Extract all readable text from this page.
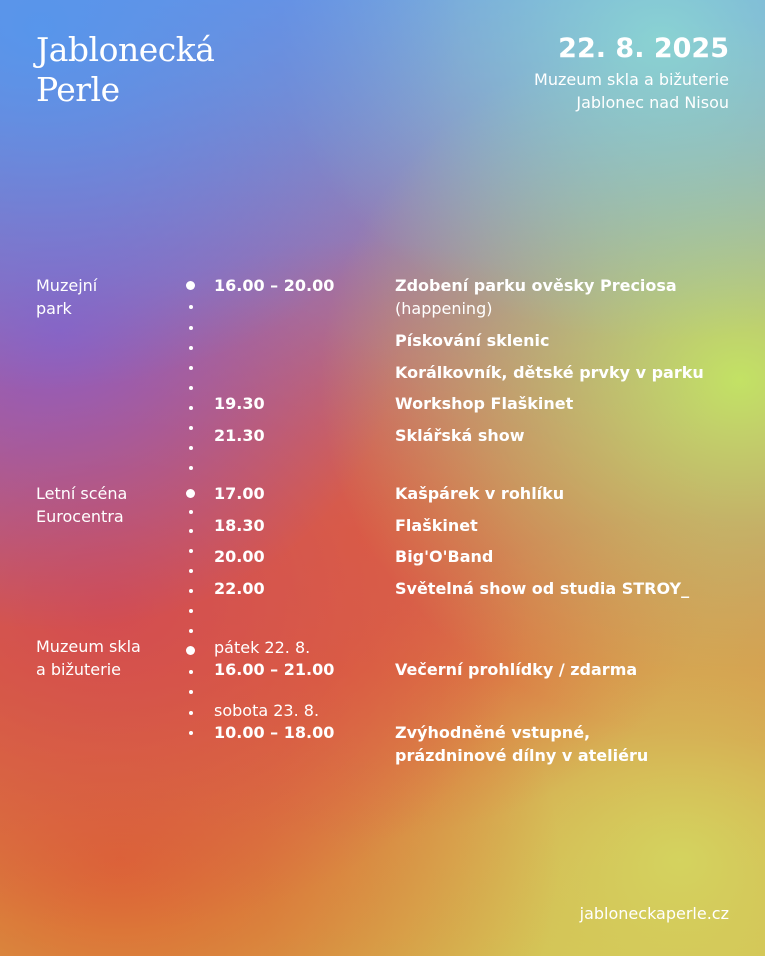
Jablonecká
Perle
22. 8. 2025
Muzeum skla a bižuterie
Jablonec nad Nisou
Muzejní
park
16.00 – 20.00	Zdobení parku ověsky Preciosa
(happening)
Pískování sklenic
Korálkovník, dětské prvky v parku
19.30	Workshop Flaškinet
21.30	Sklářská show
Letní scéna
Eurocentra
17.00	Kašpárek v rohlíku
18.30	Flaškinet
20.00	Big'O'Band
22.00	Světelná show od studia STROY_
Muzeum skla
a bižuterie
pátek 22. 8.
16.00 – 21.00	Večerní prohlídky / zdarma
sobota 23. 8.
10.00 – 18.00	Zvýhodněné vstupné,
prázdninové dílny v ateliéru
jabloneckaperle.cz
